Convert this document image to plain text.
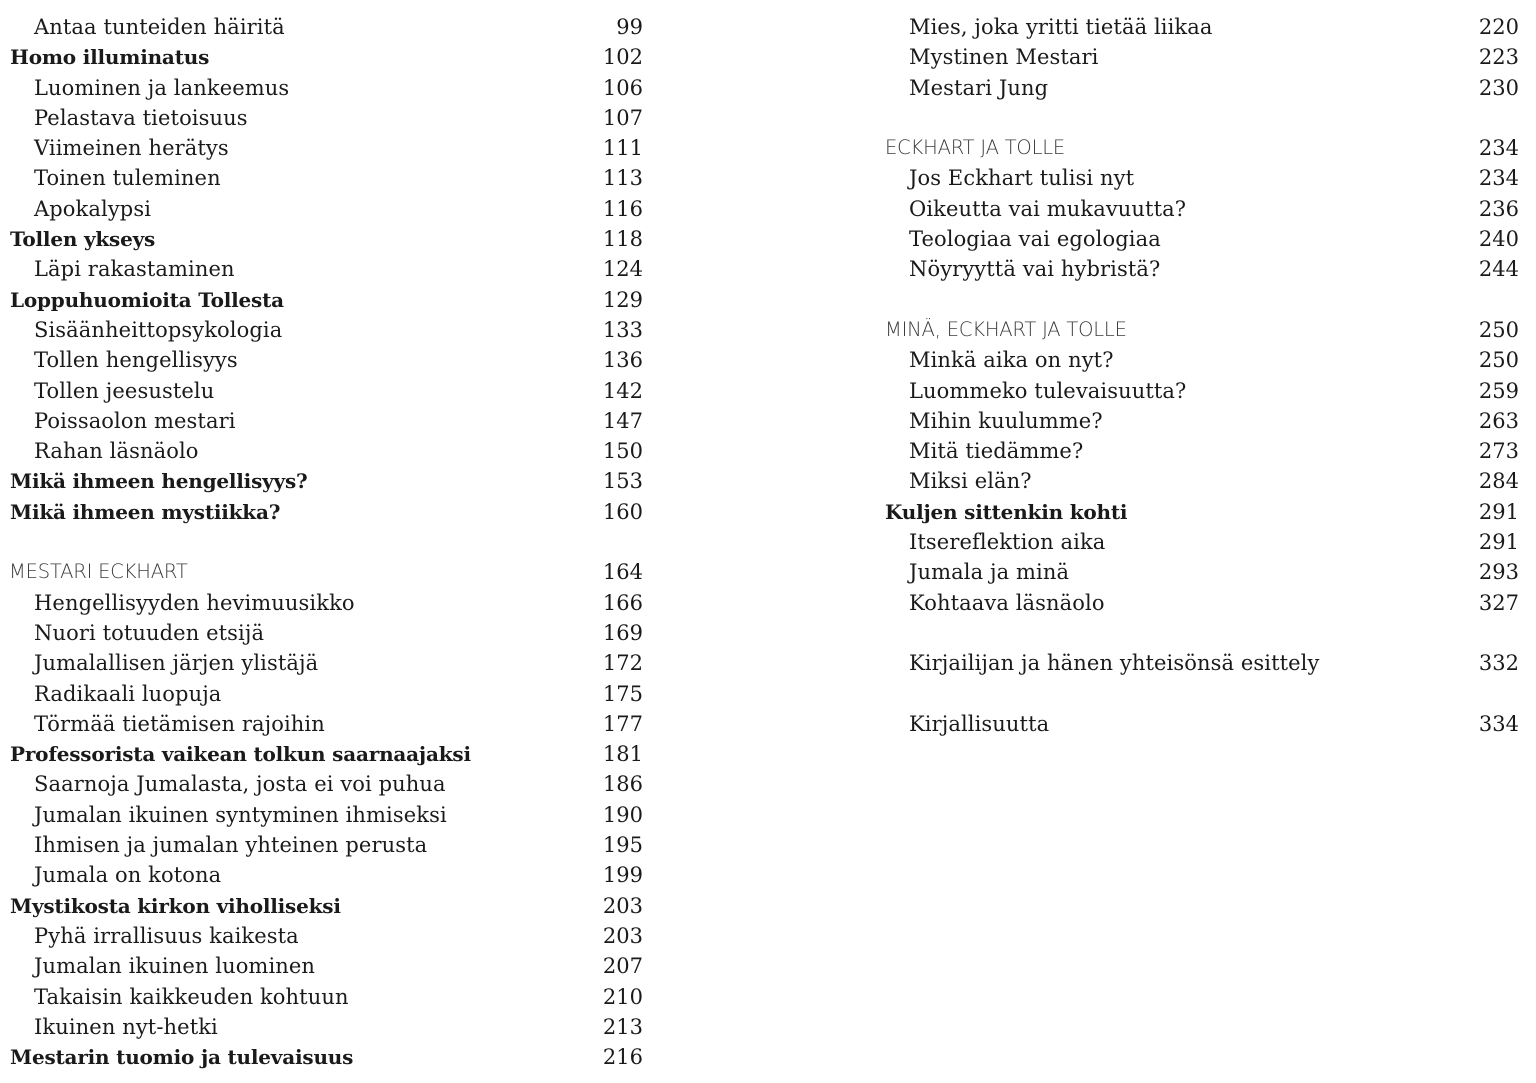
Antaa tunteiden häiritä	99
Homo illuminatus	102
Luominen ja lankeemus	106
Pelastava tietoisuus	107
Viimeinen herätys	111
Toinen tuleminen	113
Apokalypsi	116
Tollen ykseys	118
Läpi rakastaminen	124
Loppuhuomioita Tollesta	129
Sisäänheittopsykologia	133
Tollen hengellisyys	136
Tollen jeesustelu	142
Poissaolon mestari	147
Rahan läsnäolo	150
Mikä ihmeen hengellisyys?	153
Mikä ihmeen mystiikka?	160
MESTARI ECKHART	164
Hengellisyyden hevimuusikko	166
Nuori totuuden etsijä	169
Jumalallisen järjen ylistäjä	172
Radikaali luopuja	175
Törmää tietämisen rajoihin	177
Professorista vaikean tolkun saarnaajaksi	181
Saarnoja Jumalasta, josta ei voi puhua	186
Jumalan ikuinen syntyminen ihmiseksi	190
Ihmisen ja jumalan yhteinen perusta	195
Jumala on kotona	199
Mystikosta kirkon viholliseksi	203
Pyhä irrallisuus kaikesta	203
Jumalan ikuinen luominen	207
Takaisin kaikkeuden kohtuun	210
Ikuinen nyt-hetki	213
Mestarin tuomio ja tulevaisuus	216
Mies, joka yritti tietää liikaa	220
Mystinen Mestari	223
Mestari Jung	230
ECKHART JA TOLLE	234
Jos Eckhart tulisi nyt	234
Oikeutta vai mukavuutta?	236
Teologiaa vai egologiaa	240
Nöyryyttä vai hybristä?	244
MINÄ, ECKHART JA TOLLE	250
Minkä aika on nyt?	250
Luommeko tulevaisuutta?	259
Mihin kuulumme?	263
Mitä tiedämme?	273
Miksi elän?	284
Kuljen sittenkin kohti	291
Itsereflektion aika	291
Jumala ja minä	293
Kohtaava läsnäolo	327
Kirjailijan ja hänen yhteisönsä esittely	332
Kirjallisuutta	334
